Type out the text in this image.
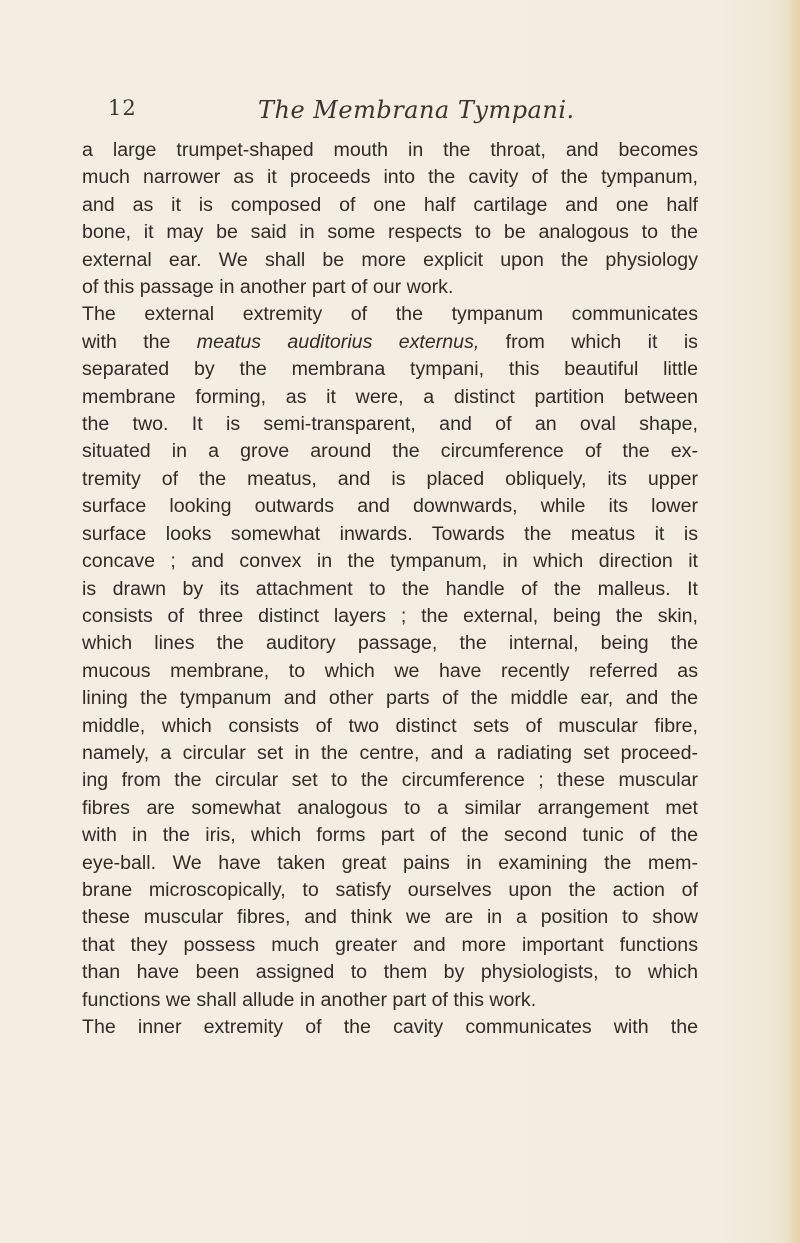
12	The Membrana Tympani.
a large trumpet-shaped mouth in the throat, and becomes
much narrower as it proceeds into the cavity of the tympanum,
and as it is composed of one half cartilage and one half
bone, it may be said in some respects to be analogous to the
external ear. We shall be more explicit upon the physiology
of this passage in another part of our work.
The external extremity of the tympanum communicates
with the meatus auditorius externus, from which it is
separated by the membrana tympani, this beautiful little
membrane forming, as it were, a distinct partition between
the two. It is semi-transparent, and of an oval shape,
situated in a grove around the circumference of the ex-
tremity of the meatus, and is placed obliquely, its upper
surface looking outwards and downwards, while its lower
surface looks somewhat inwards. Towards the meatus it is
concave ; and convex in the tympanum, in which direction it
is drawn by its attachment to the handle of the malleus. It
consists of three distinct layers ; the external, being the skin,
which lines the auditory passage, the internal, being the
mucous membrane, to which we have recently referred as
lining the tympanum and other parts of the middle ear, and the
middle, which consists of two distinct sets of muscular fibre,
namely, a circular set in the centre, and a radiating set proceed-
ing from the circular set to the circumference ; these muscular
fibres are somewhat analogous to a similar arrangement met
with in the iris, which forms part of the second tunic of the
eye-ball. We have taken great pains in examining the mem-
brane microscopically, to satisfy ourselves upon the action of
these muscular fibres, and think we are in a position to show
that they possess much greater and more important functions
than have been assigned to them by physiologists, to which
functions we shall allude in another part of this work.
The inner extremity of the cavity communicates with the
